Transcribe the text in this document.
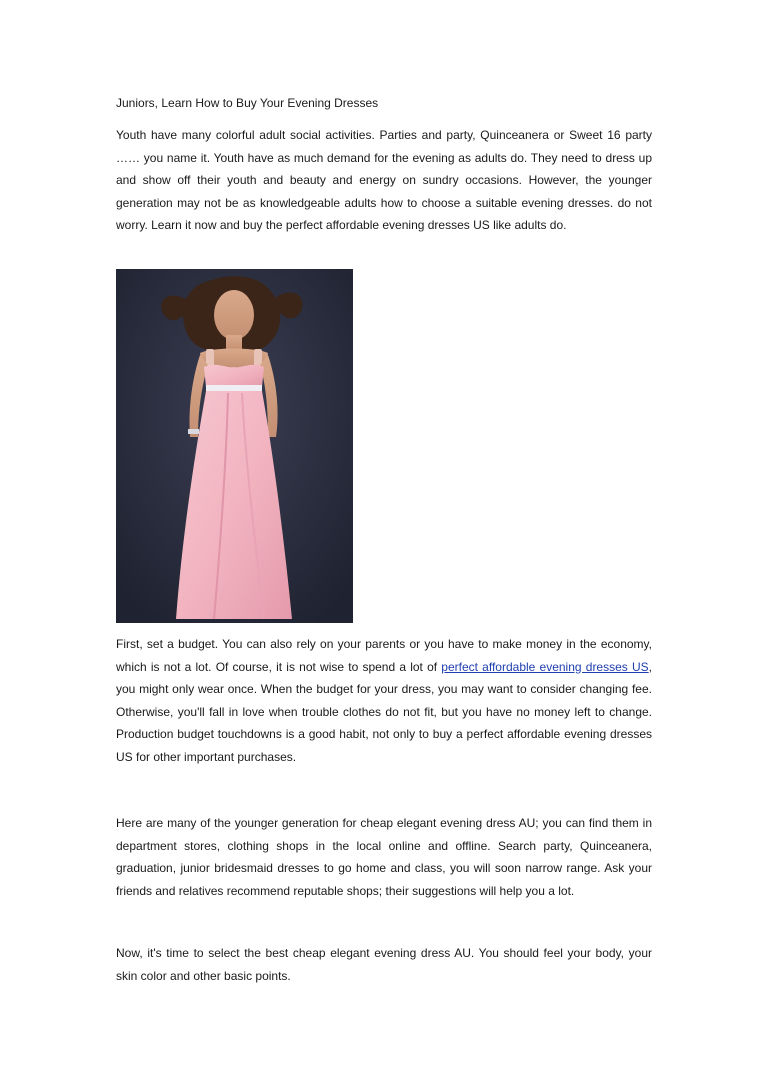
Juniors, Learn How to Buy Your Evening Dresses

Youth have many colorful adult social activities. Parties and party, Quinceanera or Sweet 16 party …… you name it. Youth have as much demand for the evening as adults do. They need to dress up and show off their youth and beauty and energy on sundry occasions. However, the younger generation may not be as knowledgeable adults how to choose a suitable evening dresses. do not worry. Learn it now and buy the perfect affordable evening dresses US like adults do.

First, set a budget. You can also rely on your parents or you have to make money in the economy, which is not a lot. Of course, it is not wise to spend a lot of perfect affordable evening dresses US, you might only wear once. When the budget for your dress, you may want to consider changing fee. Otherwise, you'll fall in love when trouble clothes do not fit, but you have no money left to change. Production budget touchdowns is a good habit, not only to buy a perfect affordable evening dresses US for other important purchases.

Here are many of the younger generation for cheap elegant evening dress AU; you can find them in department stores, clothing shops in the local online and offline. Search party, Quinceanera, graduation, junior bridesmaid dresses to go home and class, you will soon narrow range. Ask your friends and relatives recommend reputable shops; their suggestions will help you a lot.

Now, it's time to select the best cheap elegant evening dress AU. You should feel your body, your skin color and other basic points.
